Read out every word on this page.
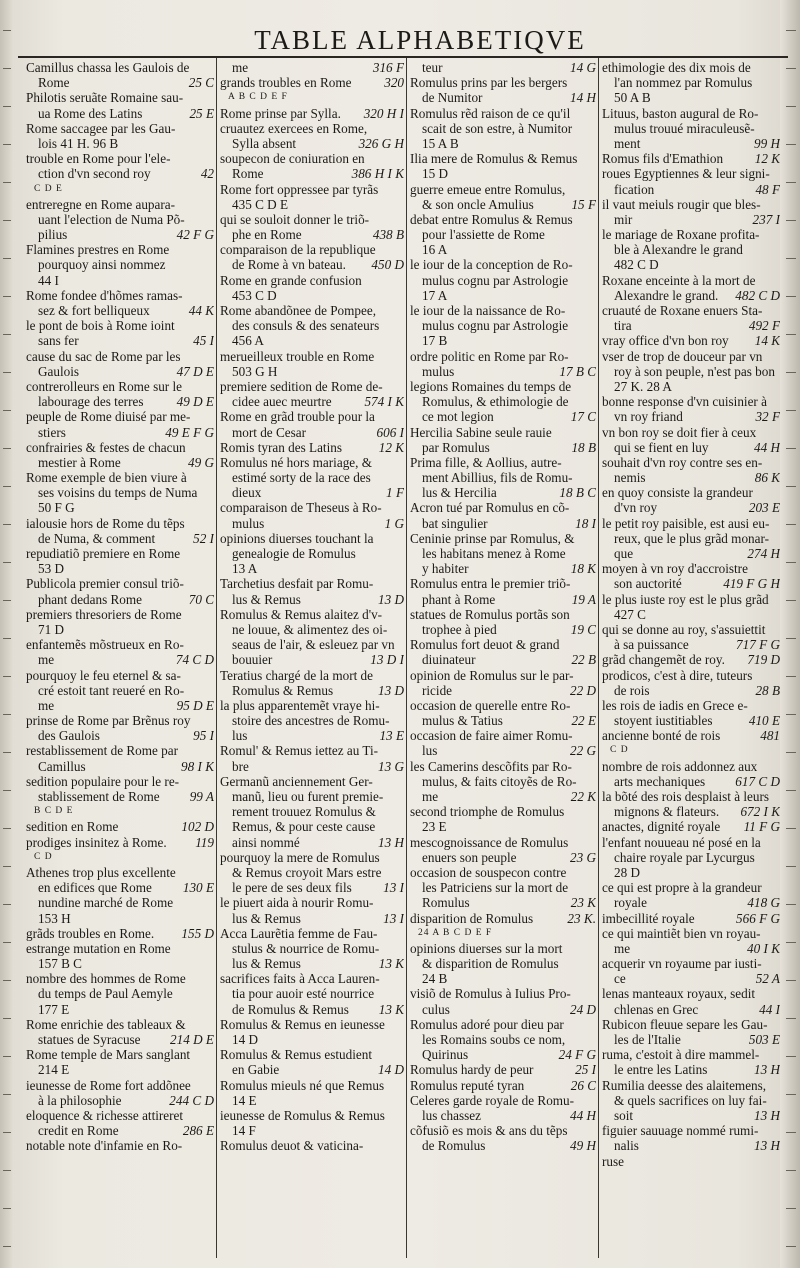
TABLE ALPHABETIQVE
Camillus chassa les Gaulois de
Rome	25 C
Philotis seruãte Romaine sau-
ua Rome des Latins	25 E
Rome saccagee par les Gau-
lois 41 H. 96 B
trouble en Rome pour l'ele-
ction d'vn second roy	42
C D E
entreregne en Rome aupara-
uant l'election de Numa Põ-
pilius	42 F G
Flamines prestres en Rome
pourquoy ainsi nommez
44 I
Rome fondee d'hõmes ramas-
sez & fort belliqueux	44 K
le pont de bois à Rome ioint
sans fer	45 I
cause du sac de Rome par les
Gaulois	47 D E
contrerolleurs en Rome sur le
labourage des terres	49 D E
peuple de Rome diuisé par me-
stiers	49 E F G
confrairies & festes de chacun
mestier à Rome	49 G
Rome exemple de bien viure à
ses voisins du temps de Numa
50 F G
ialousie hors de Rome du tẽps
de Numa, & comment	52 I
repudiatiõ premiere en Rome
53 D
Publicola premier consul triõ-
phant dedans Rome	70 C
premiers thresoriers de Rome
71 D
enfantemẽs mõstrueux en Ro-
me	74 C D
pourquoy le feu eternel & sa-
cré estoit tant reueré en Ro-
me	95 D E
prinse de Rome par Brẽnus roy
des Gaulois	95 I
restablissement de Rome par
Camillus	98 I K
sedition populaire pour le re-
stablissement de Rome 99 A
B C D E
sedition en Rome	102 D
prodiges insinitez à Rome. 119
C D
Athenes trop plus excellente
en edifices que Rome 130 E
nundine marché de Rome
153 H
grãds troubles en Rome. 155 D
estrange mutation en Rome
157 B C
nombre des hommes de Rome
du temps de Paul Aemyle
177 E
Rome enrichie des tableaux &
statues de Syracuse 214 D E
Rome temple de Mars sanglant
214 E
ieunesse de Rome fort addõnee
à la philosophie	244 C D
eloquence & richesse attireret
credit en Rome	286 E
notable note d'infamie en Ro-
me	316 F
grands troubles en Rome 320
A B C D E F
Rome prinse par Sylla. 320 H I
cruautez exercees en Rome,
Sylla absent	326 G H
soupecon de coniuration en
Rome	386 H I K
Rome fort oppressee par tyrãs
435 C D E
qui se souloit donner le triõ-
phe en Rome	438 B
comparaison de la republique
de Rome à vn bateau. 450 D
Rome en grande confusion
453 C D
Rome abandõnee de Pompee,
des consuls & des senateurs
456 A
merueilleux trouble en Rome
503 G H
premiere sedition de Rome de-
cidee auec meurtre 574 I K
Rome en grãd trouble pour la
mort de Cesar	606 I
Romis tyran des Latins	12 K
Romulus né hors mariage, &
estimé sorty de la race des
dieux	1 F
comparaison de Theseus à Ro-
mulus	1 G
opinions diuerses touchant la
genealogie de Romulus
13 A
Tarchetius desfait par Romu-
lus & Remus	13 D
Romulus & Remus alaitez d'v-
ne louue, & alimentez des oi-
seaus de l'air, & esleuez par vn
bouuier	13 D I
Teratius chargé de la mort de
Romulus & Remus	13 D
la plus apparentemẽt vraye hi-
stoire des ancestres de Romu-
lus	13 E
Romul' & Remus iettez au Ti-
bre	13 G
Germanũ anciennement Ger-
manũ, lieu ou furent premie-
rement trouuez Romulus &
Remus, & pour ceste cause
ainsi nommé	13 H
pourquoy la mere de Romulus
& Remus croyoit Mars estre
le pere de ses deux fils 13 I
le piuert aida à nourir Romu-
lus & Remus	13 I
Acca Laurẽtia femme de Fau-
stulus & nourrice de Romu-
lus & Remus	13 K
sacrifices faits à Acca Lauren-
tia pour auoir esté nourrice
de Romulus & Remus 13 K
Romulus & Remus en ieunesse
14 D
Romulus & Remus estudient
en Gabie	14 D
Romulus mieuls né que Remus
14 E
ieunesse de Romulus & Remus
14 F
Romulus deuot & vaticina-
teur	14 G
Romulus prins par les bergers
de Numitor	14 H
Romulus rẽd raison de ce qu'il
scait de son estre, à Numitor
15 A B
Ilia mere de Romulus & Remus
15 D
guerre emeue entre Romulus,
& son oncle Amulius	15 F
debat entre Romulus & Remus
pour l'assiette de Rome
16 A
le iour de la conception de Ro-
mulus cognu par Astrologie
17 A
le iour de la naissance de Ro-
mulus cognu par Astrologie
17 B
ordre politic en Rome par Ro-
mulus	17 B C
legions Romaines du temps de
Romulus, & ethimologie de
ce mot legion	17 C
Hercilia Sabine seule rauie
par Romulus	18 B
Prima fille, & Aollius, autre-
ment Abillius, fils de Romu-
lus & Hercilia	18 B C
Acron tué par Romulus en cõ-
bat singulier	18 I
Ceninie prinse par Romulus, &
les habitans menez à Rome
y habiter	18 K
Romulus entra le premier triõ-
phant à Rome	19 A
statues de Romulus portãs son
trophee à pied	19 C
Romulus fort deuot & grand
diuinateur	22 B
opinion de Romulus sur le par-
ricide	22 D
occasion de querelle entre Ro-
mulus & Tatius	22 E
occasion de faire aimer Romu-
lus	22 G
les Camerins descõfits par Ro-
mulus, & faits citoyẽs de Ro-
me	22 K
second triomphe de Romulus
23 E
mescognoissance de Romulus
enuers son peuple	23 G
occasion de souspecon contre
les Patriciens sur la mort de
Romulus	23 K
disparition de Romulus	23 K.
24 A B C D E F
opinions diuerses sur la mort
& disparition de Romulus
24 B
visiõ de Romulus à Iulius Pro-
culus	24 D
Romulus adoré pour dieu par
les Romains soubs ce nom,
Quirinus	24 F G
Romulus hardy de peur	25 I
Romulus reputé tyran	26 C
Celeres garde royale de Romu-
lus chassez	44 H
cõfusiõ es mois & ans du tẽps
de Romulus	49 H
ethimologie des dix mois de
l'an nommez par Romulus
50 A B
Lituus, baston augural de Ro-
mulus trouué miraculeusẽ-
ment	99 H
Romus fils d'Emathion 12 K
roues Egyptiennes & leur signi-
fication	48 F
il vaut meiuls rougir que bles-
mir	237 I
le mariage de Roxane profita-
ble à Alexandre le grand
482 C D
Roxane enceinte à la mort de
Alexandre le grand. 482 C D
cruauté de Roxane enuers Sta-
tira	492 F
vray office d'vn bon roy 14 K
vser de trop de douceur par vn
roy à son peuple, n'est pas bon
27 K. 28 A
bonne response d'vn cuisinier à
vn roy friand	32 F
vn bon roy se doit fier à ceux
qui se fient en luy	44 H
souhait d'vn roy contre ses en-
nemis	86 K
en quoy consiste la grandeur
d'vn roy	203 E
le petit roy paisible, est ausi eu-
reux, que le plus grãd monar-
que	274 H
moyen à vn roy d'accroistre
son auctorité	419 F G H
le plus iuste roy est le plus grãd
427 C
qui se donne au roy, s'assuiettit
à sa puissance	717 F G
grãd changemẽt de roy. 719 D
prodicos, c'est à dire, tuteurs
de rois	28 B
les rois de iadis en Grece e-
stoyent iustitiables	410 E
ancienne bonté de rois	481
C D
nombre de rois addonnez aux
arts mechaniques 617 C D
la bõté des rois desplaist à leurs
mignons & flateurs. 672 I K
anactes, dignité royale 11 F G
l'enfant nouueau né posé en la
chaire royale par Lycurgus
28 D
ce qui est propre à la grandeur
royale	418 G
imbecillité royale	566 F G
ce qui maintiẽt bien vn royau-
me	40 I K
acquerir vn royaume par iusti-
ce	52 A
lenas manteaux royaux, sedit
chlenas en Grec	44 I
Rubicon fleuue separe les Gau-
les de l'Italie	503 E
ruma, c'estoit à dire mammel-
le entre les Latins	13 H
Rumilia deesse des alaitemens,
& quels sacrifices on luy fai-
soit	13 H
figuier sauuage nommé rumi-
nalis	13 H
ruse
